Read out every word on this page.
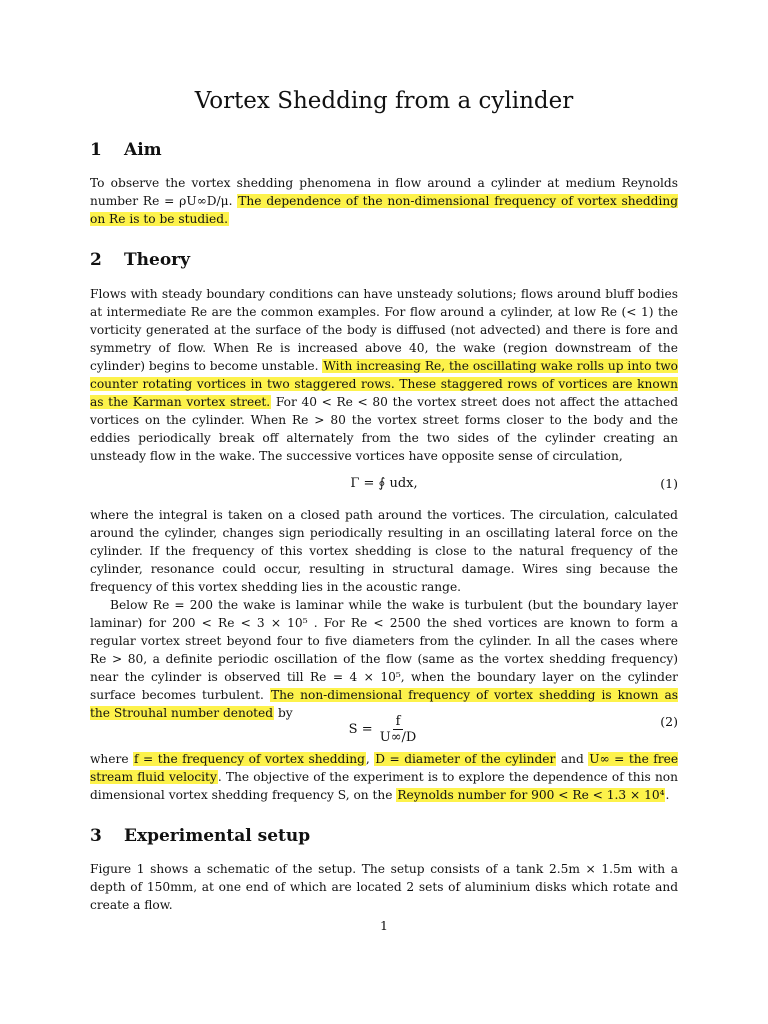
Vortex Shedding from a cylinder
1 Aim

To observe the vortex shedding phenomena in flow around a cylinder at medium Reynolds number Re = ρU∞D/μ. The dependence of the non-dimensional frequency of vortex shedding on Re is to be studied.

2 Theory

Flows with steady boundary conditions can have unsteady solutions; flows around bluff bodies at intermediate Re are the common examples. For flow around a cylinder, at low Re (< 1) the vorticity generated at the surface of the body is diffused (not advected) and there is fore and symmetry of flow. When Re is increased above 40, the wake (region downstream of the cylinder) begins to become unstable. With increasing Re, the oscillating wake rolls up into two counter rotating vortices in two staggered rows. These staggered rows of vortices are known as the Karman vortex street. For 40 < Re < 80 the vortex street does not affect the attached vortices on the cylinder. When Re > 80 the vortex street forms closer to the body and the eddies periodically break off alternately from the two sides of the cylinder creating an unsteady flow in the wake. The successive vortices have opposite sense of circulation,

Γ = ∮ udx,	(1)

where the integral is taken on a closed path around the vortices. The circulation, calculated around the cylinder, changes sign periodically resulting in an oscillating lateral force on the cylinder. If the frequency of this vortex shedding is close to the natural frequency of the cylinder, resonance could occur, resulting in structural damage. Wires sing because the frequency of this vortex shedding lies in the acoustic range.

Below Re = 200 the wake is laminar while the wake is turbulent (but the boundary layer laminar) for 200 < Re < 3 × 10⁵ . For Re < 2500 the shed vortices are known to form a regular vortex street beyond four to five diameters from the cylinder. In all the cases where Re > 80, a definite periodic oscillation of the flow (same as the vortex shedding frequency) near the cylinder is observed till Re = 4 × 10⁵, when the boundary layer on the cylinder surface becomes turbulent. The non-dimensional frequency of vortex shedding is known as the Strouhal number denoted by

$S = \frac{f}{U\infty/D}$	(2)

where f = the frequency of vortex shedding, D = diameter of the cylinder and U∞ = the free stream fluid velocity. The objective of the experiment is to explore the dependence of this non dimensional vortex shedding frequency S, on the Reynolds number for 900 < Re < 1.3 × 10⁴.

3 Experimental setup

Figure 1 shows a schematic of the setup. The setup consists of a tank 2.5m × 1.5m with a depth of 150mm, at one end of which are located 2 sets of aluminium disks which rotate and create a flow.

1
